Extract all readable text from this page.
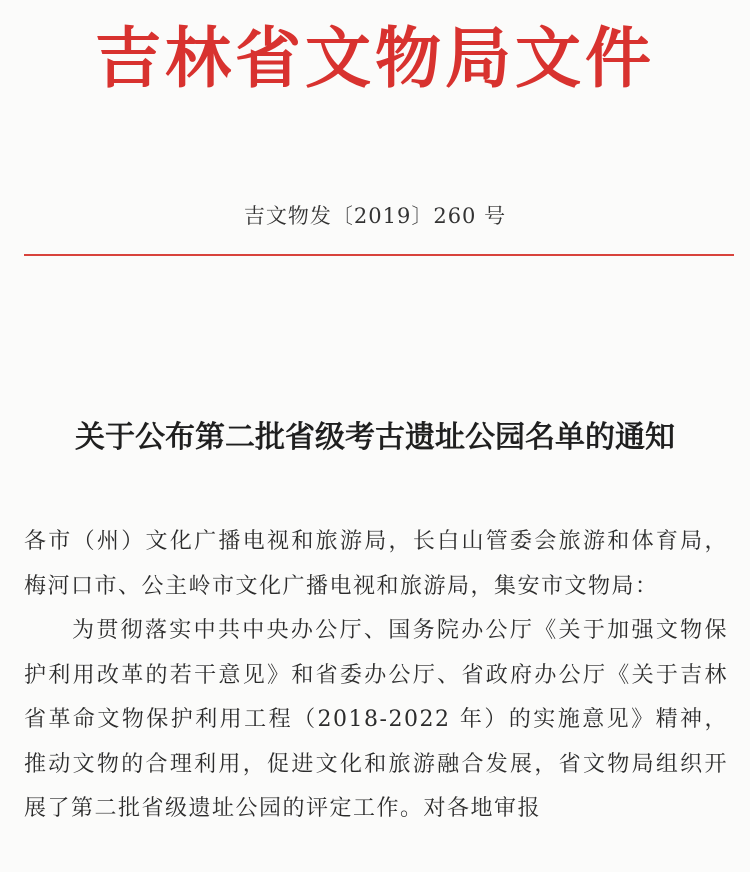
吉林省文物局文件
吉文物发〔2019〕260 号
关于公布第二批省级考古遗址公园名单的通知

各市（州）文化广播电视和旅游局，长白山管委会旅游和体育局，梅河口市、公主岭市文化广播电视和旅游局，集安市文物局：

为贯彻落实中共中央办公厅、国务院办公厅《关于加强文物保护利用改革的若干意见》和省委办公厅、省政府办公厅《关于吉林省革命文物保护利用工程（2018-2022 年）的实施意见》精神，推动文物的合理利用，促进文化和旅游融合发展，省文物局组织开展了第二批省级遗址公园的评定工作。对各地审报
